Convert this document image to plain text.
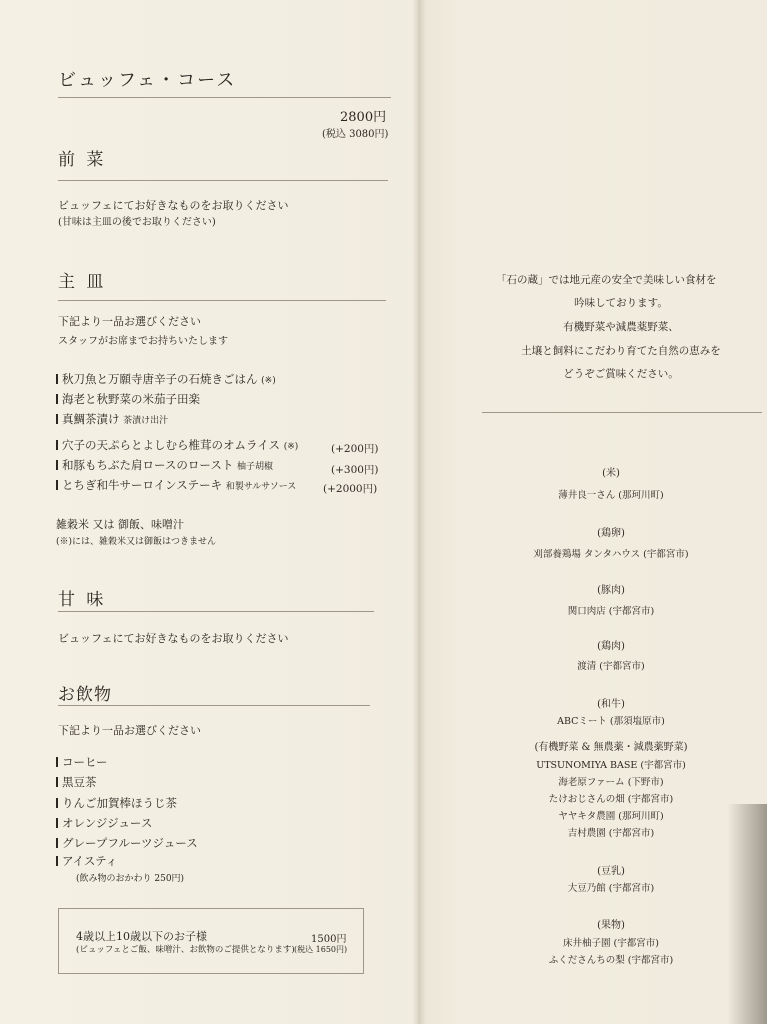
ビュッフェ・コース
2800円
(税込 3080円)
前 菜
ビュッフェにてお好きなものをお取りください
(甘味は主皿の後でお取りください)
主 皿
下記より一品お選びください
スタッフがお席までお持ちいたします
秋刀魚と万願寺唐辛子の石焼きごはん (※)
海老と秋野菜の米茄子田楽
真鯛茶漬け 茶漬け出汁
穴子の天ぷらとよしむら椎茸のオムライス (※)	(+200円)
和豚もちぶた肩ロースのロースト 柚子胡椒	(+300円)
とちぎ和牛サーロインステーキ 和製サルサソース	(+2000円)
雑穀米 又は 御飯、味噌汁
(※)には、雑穀米又は御飯はつきません
甘 味
ビュッフェにてお好きなものをお取りください
お飲物
下記より一品お選びください
コーヒー
黒豆茶
りんご加賀棒ほうじ茶
オレンジジュース
グレープフルーツジュース
アイスティ
(飲み物のおかわり 250円)
4歳以上10歳以下のお子様
(ビュッフェとご飯、味噌汁、お飲物のご提供となります)
1500円
(税込 1650円)
「石の蔵」では地元産の安全で美味しい食材を
吟味しております。
有機野菜や減農薬野菜、
土壌と飼料にこだわり育てた自然の恵みを
どうぞご賞味ください。
(米)
薄井良一さん (那珂川町)
(鶏卵)
刈部養鶏場 タンタハウス (宇都宮市)
(豚肉)
関口肉店 (宇都宮市)
(鶏肉)
渡清 (宇都宮市)
(和牛)
ABCミート (那須塩原市)
(有機野菜 & 無農薬・減農薬野菜)
UTSUNOMIYA BASE (宇都宮市)
海老原ファーム (下野市)
たけおじさんの畑 (宇都宮市)
ヤヤキタ農園 (那珂川町)
吉村農園 (宇都宮市)
(豆乳)
大豆乃館 (宇都宮市)
(果物)
床井柚子園 (宇都宮市)
ふくださんちの梨 (宇都宮市)
